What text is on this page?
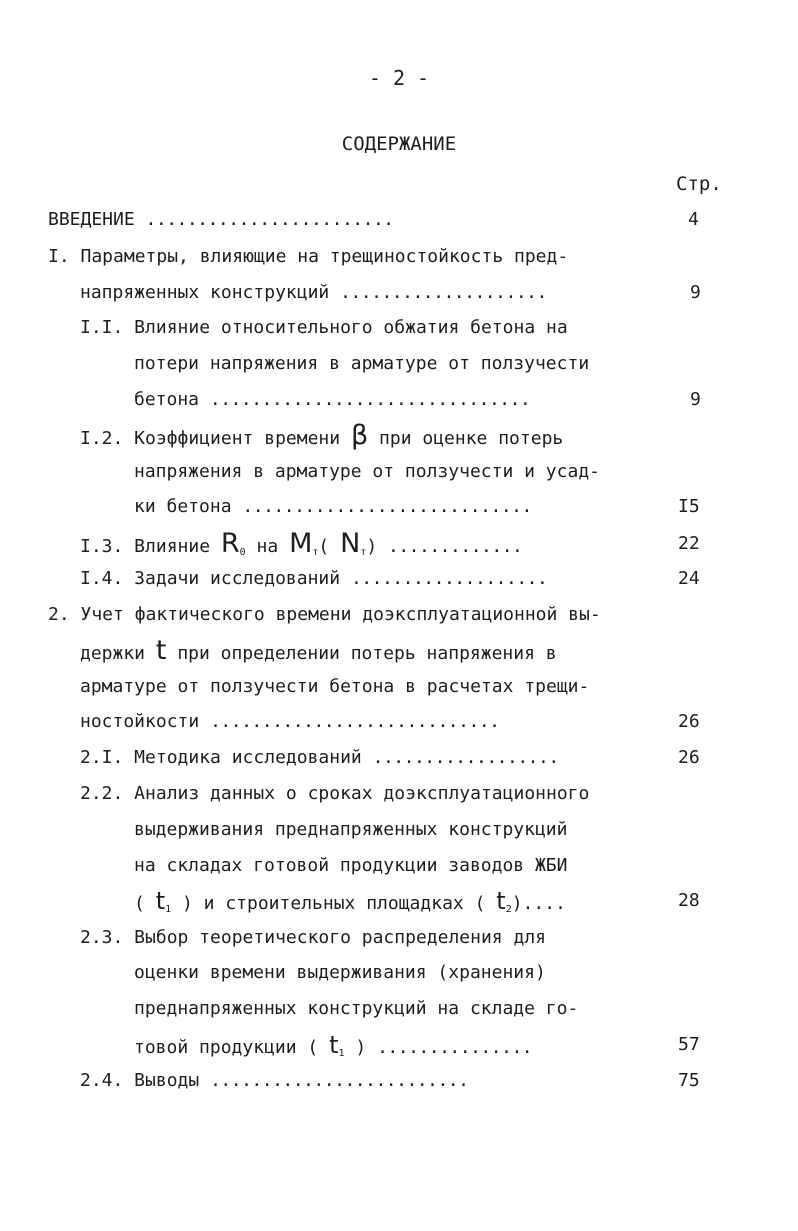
- 2 -
СОДЕРЖАНИЕ
Стр.
ВВЕДЕНИЕ ........................	4
I. Параметры, влияющие на трещиностойкость пред-
напряженных конструкций ....................	9
I.I. Влияние относительного обжатия бетона на
потери напряжения в арматуре от ползучести
бетона ...............................	9
I.2. Коэффициент времени β при оценке потерь
напряжения в арматуре от ползучести и усад-
ки бетона ............................	I5
I.3. Влияние $R_0$ на $M_т$( $N_т$) .............	22
I.4. Задачи исследований ...................	24
2. Учет фактического времени доэксплуатационной вы-
держки t при определении потерь напряжения в
арматуре от ползучести бетона в расчетах трещи-
ностойкости ............................	26
2.I. Методика исследований ..................	26
2.2. Анализ данных о сроках доэксплуатационного
выдерживания преднапряженных конструкций
на складах готовой продукции заводов ЖБИ
( $t_1$ ) и строительных площадках ( $t_2$)....	28
2.3. Выбор теоретического распределения для
оценки времени выдерживания (хранения)
преднапряженных конструкций на складе го-
товой продукции ( $t_1$ ) ...............	57
2.4. Выводы .........................	75
